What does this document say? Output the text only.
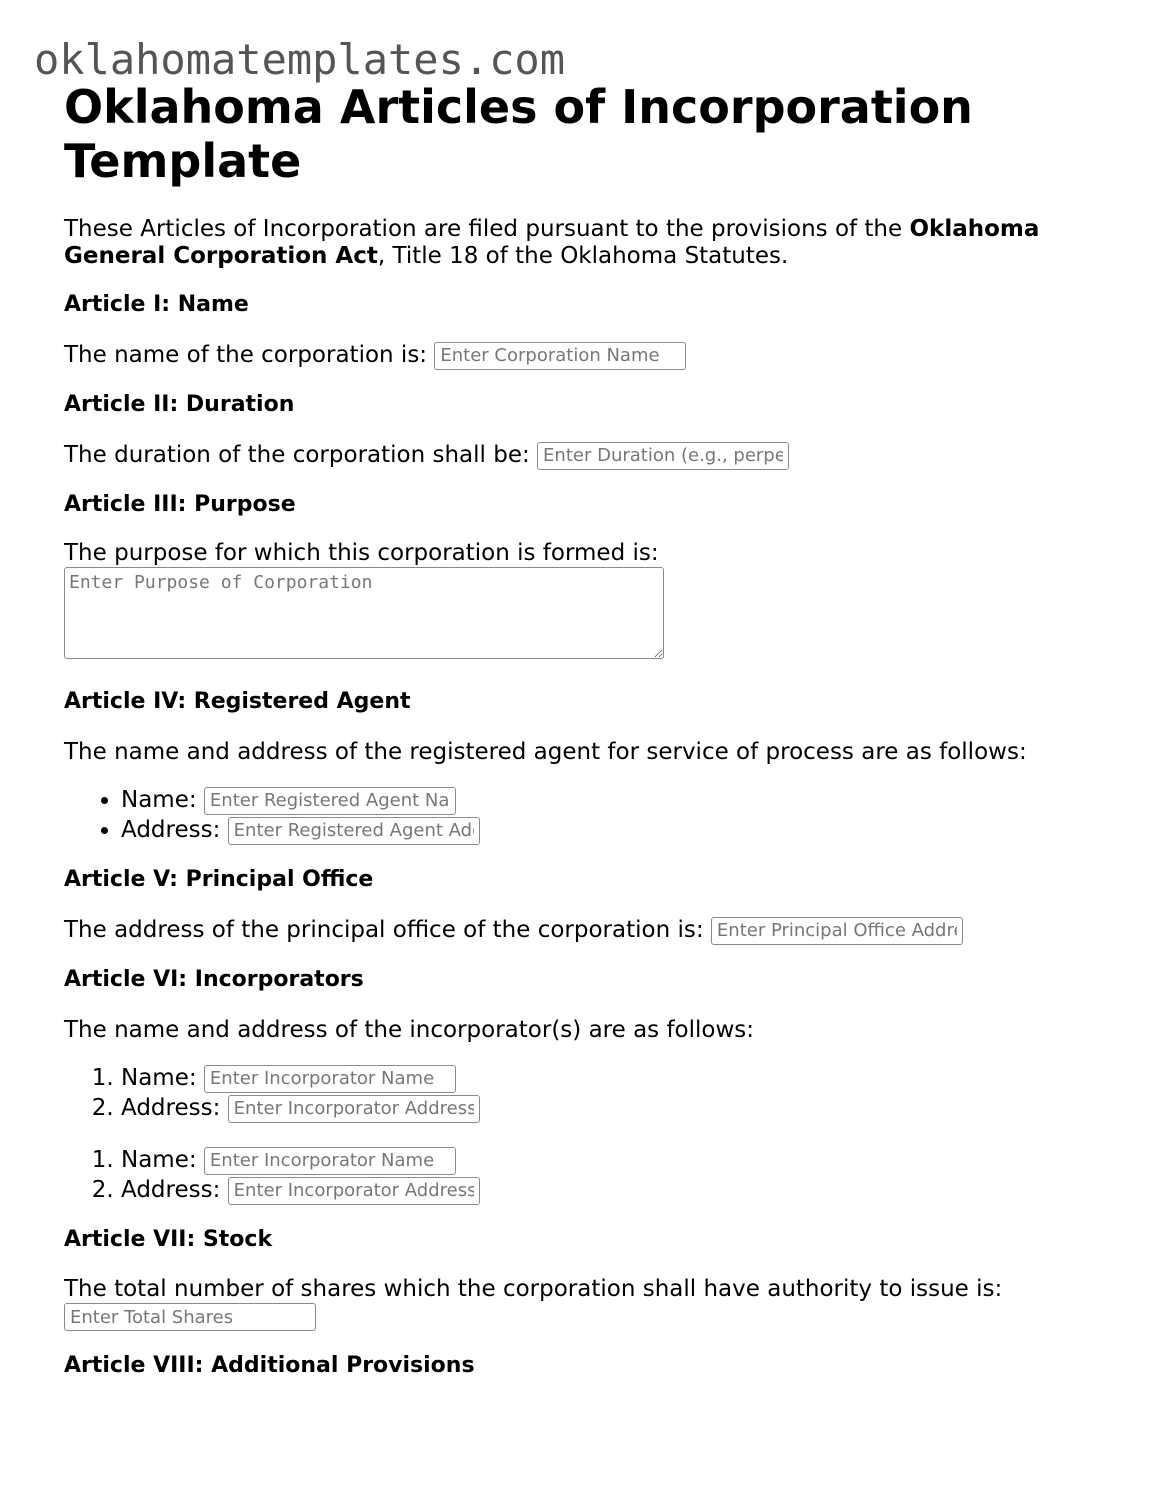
oklahomatemplates.com
Oklahoma Articles of Incorporation Template

These Articles of Incorporation are filed pursuant to the provisions of the Oklahoma General Corporation Act, Title 18 of the Oklahoma Statutes.

Article I: Name
The name of the corporation is: Enter Corporation Name
Article II: Duration
The duration of the corporation shall be: Enter Duration (e.g., perpetual)
Article III: Purpose
The purpose for which this corporation is formed is:
Enter Purpose of Corporation
Article IV: Registered Agent
The name and address of the registered agent for service of process are as follows:
• Name: Enter Registered Agent Name
• Address: Enter Registered Agent Address
Article V: Principal Office
The address of the principal office of the corporation is: Enter Principal Office Address
Article VI: Incorporators
The name and address of the incorporator(s) are as follows:
1. Name: Enter Incorporator Name
2. Address: Enter Incorporator Address
1. Name: Enter Incorporator Name
2. Address: Enter Incorporator Address
Article VII: Stock
The total number of shares which the corporation shall have authority to issue is:
Enter Total Shares
Article VIII: Additional Provisions
